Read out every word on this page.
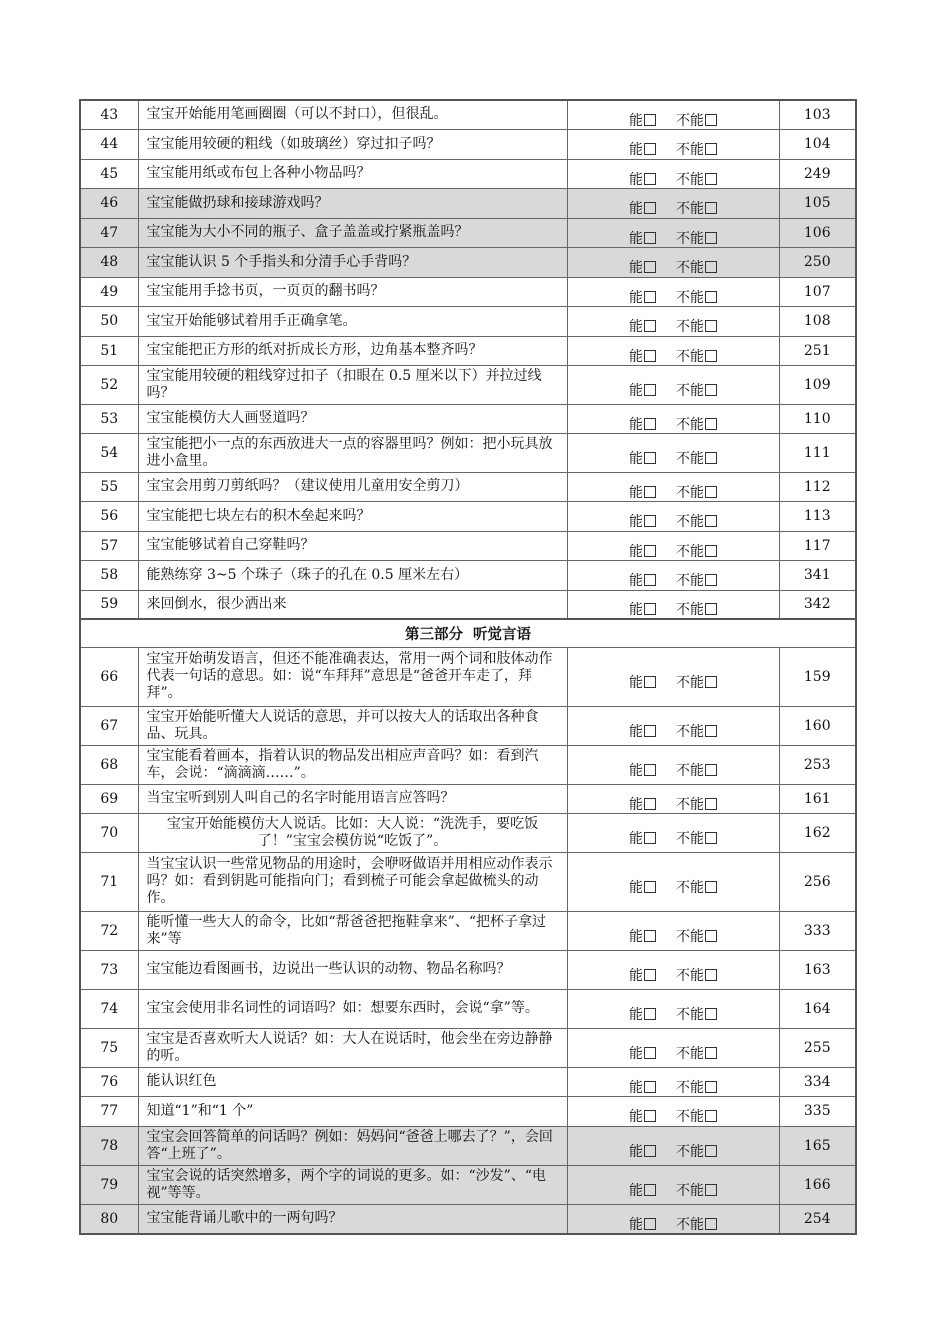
43	宝宝开始能用笔画圈圈（可以不封口），但很乱。	能 不能	103
44	宝宝能用较硬的粗线（如玻璃丝）穿过扣子吗？	能 不能	104
45	宝宝能用纸或布包上各种小物品吗？	能 不能	249
46	宝宝能做扔球和接球游戏吗？	能 不能	105
47	宝宝能为大小不同的瓶子、盒子盖盖或拧紧瓶盖吗？	能 不能	106
48	宝宝能认识 5 个手指头和分清手心手背吗？	能 不能	250
49	宝宝能用手捻书页，一页页的翻书吗？	能 不能	107
50	宝宝开始能够试着用手正确拿笔。	能 不能	108
51	宝宝能把正方形的纸对折成长方形，边角基本整齐吗？	能 不能	251
52	宝宝能用较硬的粗线穿过扣子（扣眼在 0.5 厘米以下）并拉过线吗？	能 不能	109
53	宝宝能模仿大人画竖道吗？	能 不能	110
54	宝宝能把小一点的东西放进大一点的容器里吗？例如：把小玩具放进小盒里。	能 不能	111
55	宝宝会用剪刀剪纸吗？（建议使用儿童用安全剪刀）	能 不能	112
56	宝宝能把七块左右的积木垒起来吗？	能 不能	113
57	宝宝能够试着自己穿鞋吗？	能 不能	117
58	能熟练穿 3~5 个珠子（珠子的孔在 0.5 厘米左右）	能 不能	341
59	来回倒水，很少洒出来	能 不能	342
第三部分 听觉言语			
66	宝宝开始萌发语言，但还不能准确表达，常用一两个词和肢体动作代表一句话的意思。如：说“车拜拜”意思是“爸爸开车走了，拜拜”。	能 不能	159
67	宝宝开始能听懂大人说话的意思，并可以按大人的话取出各种食品、玩具。	能 不能	160
68	宝宝能看着画本，指着认识的物品发出相应声音吗？如：看到汽车，会说：“滴滴滴……”。	能 不能	253
69	当宝宝听到别人叫自己的名字时能用语言应答吗？	能 不能	161
70	宝宝开始能模仿大人说话。比如：大人说：“洗洗手，要吃饭了！”宝宝会模仿说“吃饭了”。	能 不能	162
71	当宝宝认识一些常见物品的用途时，会咿呀做语并用相应动作表示吗？如：看到钥匙可能指向门；看到梳子可能会拿起做梳头的动作。	能 不能	256
72	能听懂一些大人的命令，比如“帮爸爸把拖鞋拿来”、“把杯子拿过来”等	能 不能	333
73	宝宝能边看图画书，边说出一些认识的动物、物品名称吗？	能 不能	163
74	宝宝会使用非名词性的词语吗？如：想要东西时，会说“拿”等。	能 不能	164
75	宝宝是否喜欢听大人说话？如：大人在说话时，他会坐在旁边静静的听。	能 不能	255
76	能认识红色	能 不能	334
77	知道“1”和“1 个”	能 不能	335
78	宝宝会回答简单的问话吗？例如：妈妈问“爸爸上哪去了？”，会回答“上班了”。	能 不能	165
79	宝宝会说的话突然增多，两个字的词说的更多。如：“沙发”、“电视”等等。	能 不能	166
80	宝宝能背诵儿歌中的一两句吗？	能 不能	254
